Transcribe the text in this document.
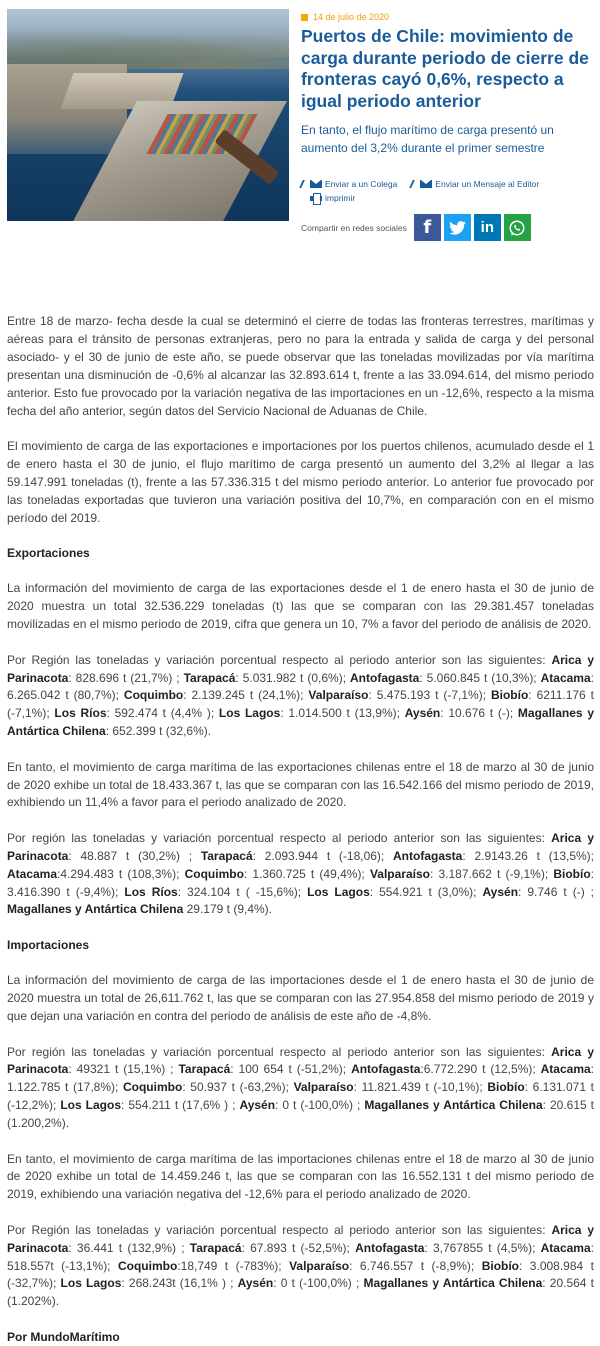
14 de julio de 2020
Puertos de Chile: movimiento de carga durante periodo de cierre de fronteras cayó 0,6%, respecto a igual periodo anterior

En tanto, el flujo marítimo de carga presentó un aumento del 3,2% durante el primer semestre

Enviar a un Colega	Enviar un Mensaje al Editor
imprimir
Compartir en redes sociales f	in

Entre 18 de marzo- fecha desde la cual se determinó el cierre de todas las fronteras terrestres, marítimas y aéreas para el tránsito de personas extranjeras, pero no para la entrada y salida de carga y del personal asociado- y el 30 de junio de este año, se puede observar que las toneladas movilizadas por vía marítima presentan una disminución de -0,6% al alcanzar las 32.893.614 t, frente a las 33.094.614, del mismo periodo anterior. Esto fue provocado por la variación negativa de las importaciones en un -12,6%, respecto a la misma fecha del año anterior, según datos del Servicio Nacional de Aduanas de Chile.

El movimiento de carga de las exportaciones e importaciones por los puertos chilenos, acumulado desde el 1 de enero hasta el 30 de junio, el flujo marítimo de carga presentó un aumento del 3,2% al llegar a las 59.147.991 toneladas (t), frente a las 57.336.315 t del mismo periodo anterior. Lo anterior fue provocado por las toneladas exportadas que tuvieron una variación positiva del 10,7%, en comparación con en el mismo período del 2019.

Exportaciones

La información del movimiento de carga de las exportaciones desde el 1 de enero hasta el 30 de junio de 2020 muestra un total 32.536.229 toneladas (t) las que se comparan con las 29.381.457 toneladas movilizadas en el mismo periodo de 2019, cifra que genera un 10, 7% a favor del periodo de análisis de 2020.

Por Región las toneladas y variación porcentual respecto al periodo anterior son las siguientes: Arica y Parinacota: 828.696 t (21,7%) ; Tarapacá: 5.031.982 t (0,6%); Antofagasta: 5.060.845 t (10,3%); Atacama: 6.265.042 t (80,7%); Coquimbo: 2.139.245 t (24,1%); Valparaíso: 5.475.193 t (-7,1%); Biobío: 6211.176 t (-7,1%); Los Ríos: 592.474 t (4,4% ); Los Lagos: 1.014.500 t (13,9%); Aysén: 10.676 t (-); Magallanes y Antártica Chilena: 652.399 t (32,6%).

En tanto, el movimiento de carga marítima de las exportaciones chilenas entre el 18 de marzo al 30 de junio de 2020 exhibe un total de 18.433.367 t, las que se comparan con las 16.542.166 del mismo periodo de 2019, exhibiendo un 11,4% a favor para el periodo analizado de 2020.

Por región las toneladas y variación porcentual respecto al periodo anterior son las siguientes: Arica y Parinacota: 48.887 t (30,2%) ; Tarapacá: 2.093.944 t (-18,06); Antofagasta: 2.9143.26 t (13,5%); Atacama:4.294.483 t (108,3%); Coquimbo: 1.360.725 t (49,4%); Valparaíso: 3.187.662 t (-9,1%); Biobío: 3.416.390 t (-9,4%); Los Ríos: 324.104 t ( -15,6%); Los Lagos: 554.921 t (3,0%); Aysén: 9.746 t (-) ; Magallanes y Antártica Chilena 29.179 t (9,4%).

Importaciones

La información del movimiento de carga de las importaciones desde el 1 de enero hasta el 30 de junio de 2020 muestra un total de 26,611.762 t, las que se comparan con las 27.954.858 del mismo periodo de 2019 y que dejan una variación en contra del periodo de análisis de este año de -4,8%.

Por región las toneladas y variación porcentual respecto al periodo anterior son las siguientes: Arica y Parinacota: 49321 t (15,1%) ; Tarapacá: 100 654 t (-51,2%); Antofagasta:6.772.290 t (12,5%); Atacama: 1.122.785 t (17,8%); Coquimbo: 50.937 t (-63,2%); Valparaíso: 11.821.439 t (-10,1%); Biobío: 6.131.071 t (-12,2%); Los Lagos: 554.211 t (17,6% ) ; Aysén: 0 t (-100,0%) ; Magallanes y Antártica Chilena: 20.615 t (1.200,2%).

En tanto, el movimiento de carga marítima de las importaciones chilenas entre el 18 de marzo al 30 de junio de 2020 exhibe un total de 14.459.246 t, las que se comparan con las 16.552.131 t del mismo periodo de 2019, exhibiendo una variación negativa del -12,6% para el periodo analizado de 2020.

Por Región las toneladas y variación porcentual respecto al periodo anterior son las siguientes: Arica y Parinacota: 36.441 t (132,9%) ; Tarapacá: 67.893 t (-52,5%); Antofagasta: 3,767855 t (4,5%); Atacama: 518.557t (-13,1%); Coquimbo:18,749 t (-783%); Valparaíso: 6.746.557 t (-8,9%); Biobío: 3.008.984 t (-32,7%); Los Lagos: 268.243t (16,1% ) ; Aysén: 0 t (-100,0%) ; Magallanes y Antártica Chilena: 20.564 t (1.202%).

Por MundoMarítimo
